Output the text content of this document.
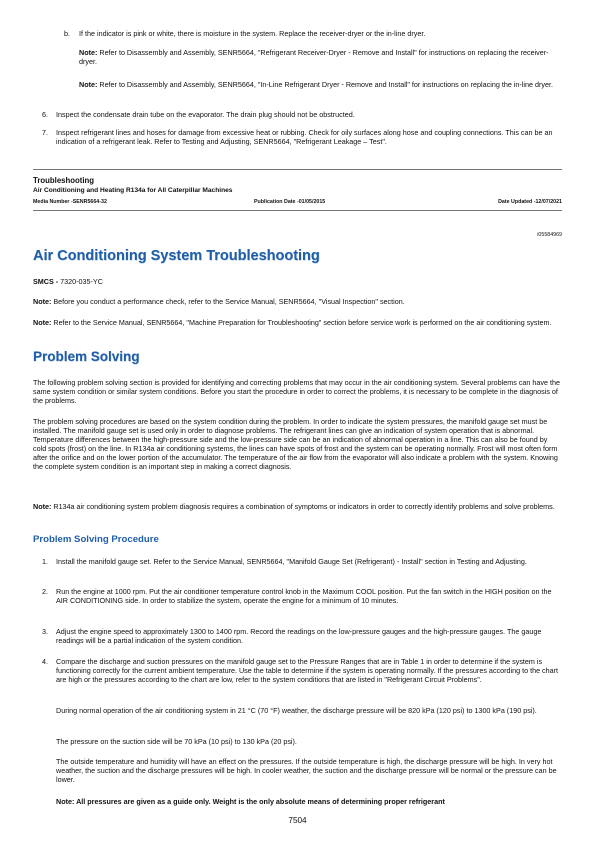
b. If the indicator is pink or white, there is moisture in the system. Replace the receiver-dryer or the in-line dryer.

Note: Refer to Disassembly and Assembly, SENR5664, "Refrigerant Receiver-Dryer - Remove and Install" for instructions on replacing the receiver-dryer.

Note: Refer to Disassembly and Assembly, SENR5664, "In-Line Refrigerant Dryer - Remove and Install" for instructions on replacing the in-line dryer.

6. Inspect the condensate drain tube on the evaporator. The drain plug should not be obstructed.

7. Inspect refrigerant lines and hoses for damage from excessive heat or rubbing. Check for oily surfaces along hose and coupling connections. This can be an indication of a refrigerant leak. Refer to Testing and Adjusting, SENR5664, "Refrigerant Leakage – Test".

Troubleshooting
Air Conditioning and Heating R134a for All Caterpillar Machines
Media Number -SENR5664-32	Publication Date -01/05/2015	Date Updated -12/07/2021
i05584969
Air Conditioning System Troubleshooting
SMCS - 7320-035-YC

Note: Before you conduct a performance check, refer to the Service Manual, SENR5664, "Visual Inspection" section.

Note: Refer to the Service Manual, SENR5664, "Machine Preparation for Troubleshooting" section before service work is performed on the air conditioning system.

Problem Solving

The following problem solving section is provided for identifying and correcting problems that may occur in the air conditioning system. Several problems can have the same system condition or similar system conditions. Before you start the procedure in order to correct the problems, it is necessary to be complete in the diagnosis of the problems.

The problem solving procedures are based on the system condition during the problem. In order to indicate the system pressures, the manifold gauge set must be installed. The manifold gauge set is used only in order to diagnose problems. The refrigerant lines can give an indication of system operation that is abnormal. Temperature differences between the high-pressure side and the low-pressure side can be an indication of abnormal operation in a line. This can also be found by cold spots (frost) on the line. In R134a air conditioning systems, the lines can have spots of frost and the system can be operating normally. Frost will most often form after the orifice and on the lower portion of the accumulator. The temperature of the air flow from the evaporator will also indicate a problem with the system. Knowing the complete system condition is an important step in making a correct diagnosis.

Note: R134a air conditioning system problem diagnosis requires a combination of symptoms or indicators in order to correctly identify problems and solve problems.

Problem Solving Procedure
1. Install the manifold gauge set. Refer to the Service Manual, SENR5664, "Manifold Gauge Set (Refrigerant) - Install" section in Testing and Adjusting.

2. Run the engine at 1000 rpm. Put the air conditioner temperature control knob in the Maximum COOL position. Put the fan switch in the HIGH position on the AIR CONDITIONING side. In order to stabilize the system, operate the engine for a minimum of 10 minutes.

3. Adjust the engine speed to approximately 1300 to 1400 rpm. Record the readings on the low-pressure gauges and the high-pressure gauges. The gauge readings will be a partial indication of the system condition.

4. Compare the discharge and suction pressures on the manifold gauge set to the Pressure Ranges that are in Table 1 in order to determine if the system is functioning correctly for the current ambient temperature. Use the table to determine if the system is operating normally. If the pressures according to the chart are high or the pressures according to the chart are low, refer to the system conditions that are listed in "Refrigerant Circuit Problems".

During normal operation of the air conditioning system in 21 °C (70 °F) weather, the discharge pressure will be 820 kPa (120 psi) to 1300 kPa (190 psi).

The pressure on the suction side will be 70 kPa (10 psi) to 130 kPa (20 psi).

The outside temperature and humidity will have an effect on the pressures. If the outside temperature is high, the discharge pressure will be high. In very hot weather, the suction and the discharge pressures will be high. In cooler weather, the suction and the discharge pressure will be normal or the pressure can be lower.

Note: All pressures are given as a guide only. Weight is the only absolute means of determining proper refrigerant

7504
